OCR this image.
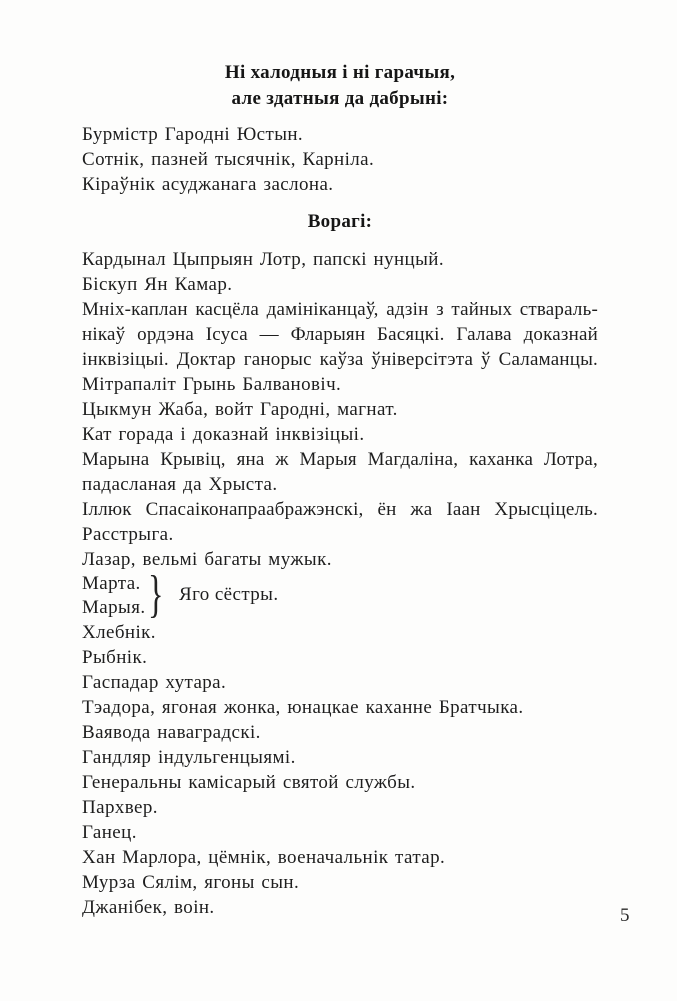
Ні халодныя і ні гарачыя,
але здатныя да дабрыні:
Бурмістр Гародні Юстын.
Сотнік, пазней тысячнік, Карніла.
Кіраўнік асуджанага заслона.
Ворагі:
Кардынал Цыпрыян Лотр, папскі нунцый.
Біскуп Ян Камар.
Мніх-каплан касцёла дамініканцаў, адзін з тайных ствараль-
нікаў ордэна Ісуса — Фларыян Басяцкі. Галава доказнай
інквізіцыі. Доктар ганорыс каўза ўніверсітэта ў Саламанцы.
Мітрапаліт Грынь Балвановіч.
Цыкмун Жаба, войт Гародні, магнат.
Кат горада і доказнай інквізіцыі.
Марына Крывіц, яна ж Марыя Магдаліна, каханка Лотра,
падасланая да Хрыста.
Іллюк Спасаіконапраабражэнскі, ён жа Іаан Хрысціцель.
Расстрыга.
Лазар, вельмі багаты мужык.
Марта.
Марыя. } Яго сёстры.
Хлебнік.
Рыбнік.
Гаспадар хутара.
Тэадора, ягоная жонка, юнацкае каханне Братчыка.
Ваявода наваградскі.
Гандляр індульгенцыямі.
Генеральны камісарый святой службы.
Пархвер.
Ганец.
Хан Марлора, цёмнік, военачальнік татар.
Мурза Сялім, ягоны сын.
Джанібек, воін.	5
